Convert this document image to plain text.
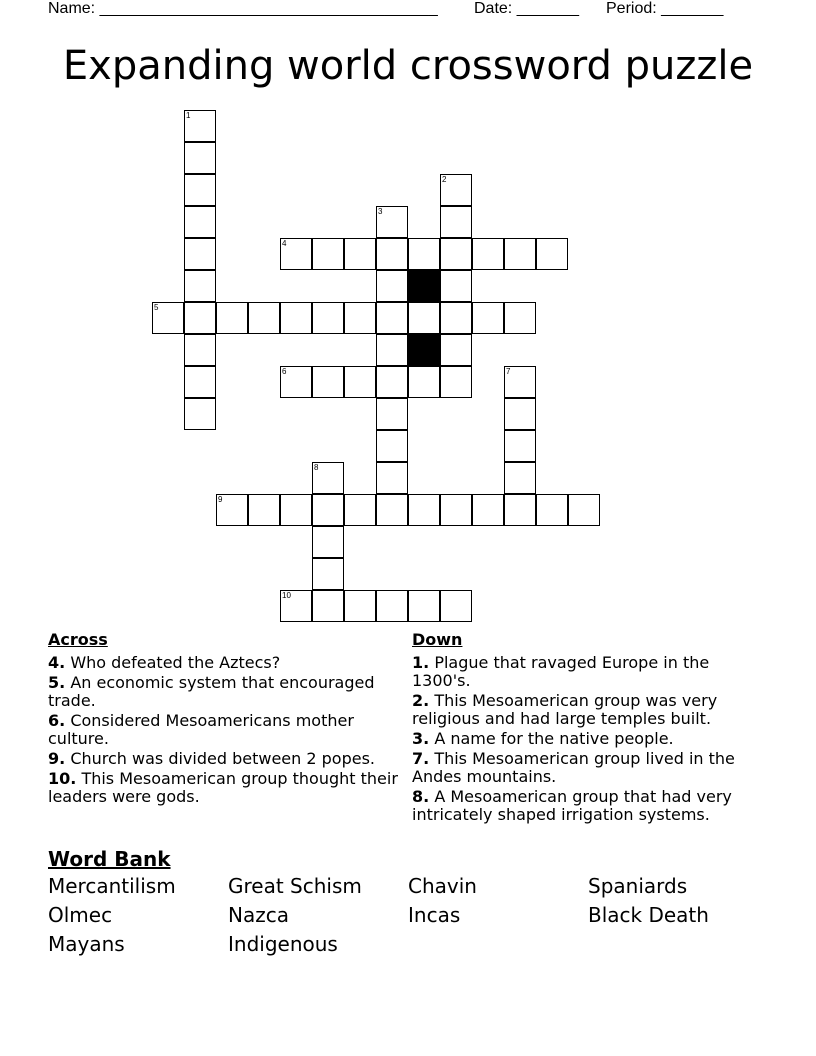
Name: ______________________________________ Date: _______ Period: _______
Expanding world crossword puzzle
1
2
3
4
5
6	7
8
9
10
Across
4. Who defeated the Aztecs?
5. An economic system that encouraged trade.
6. Considered Mesoamericans mother culture.
9. Church was divided between 2 popes.
10. This Mesoamerican group thought their leaders were gods.
Down
1. Plague that ravaged Europe in the 1300's.
2. This Mesoamerican group was very religious and had large temples built.
3. A name for the native people.
7. This Mesoamerican group lived in the Andes mountains.
8. A Mesoamerican group that had very intricately shaped irrigation systems.
Word Bank
Mercantilism	Great Schism	Chavin	Spaniards
Olmec	Nazca	Incas	Black Death
Mayans	Indigenous
